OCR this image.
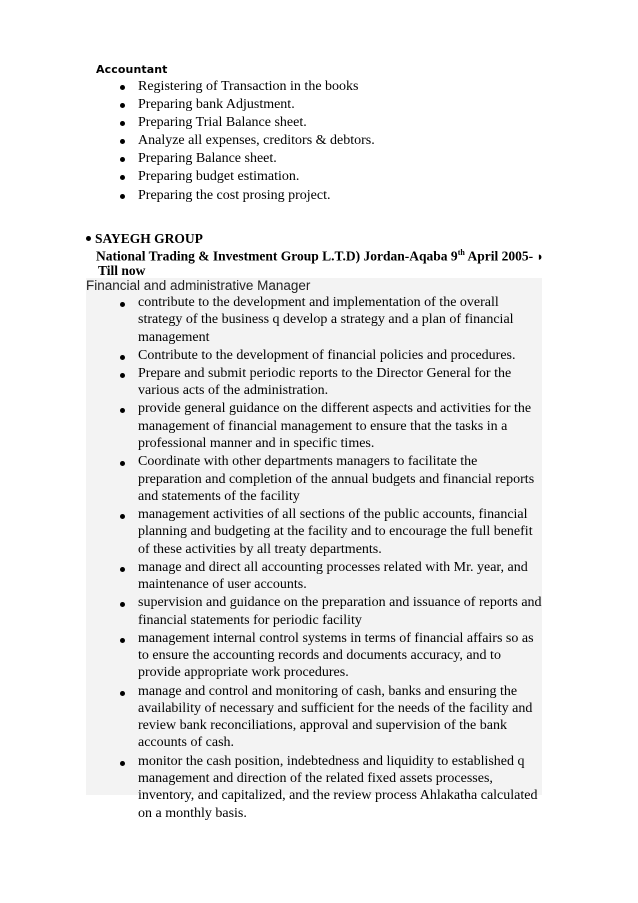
Accountant
Registering of Transaction in the books
Preparing bank Adjustment.
Preparing Trial Balance sheet.
Analyze all expenses, creditors & debtors.
Preparing Balance sheet.
Preparing budget estimation.
Preparing the cost prosing project.
SAYEGH GROUP
National Trading & Investment Group L.T.D) Jordan-Aqaba 9th April 2005- ◗
Till now
Financial and administrative Manager
contribute to the development and implementation of the overall strategy of the business q develop a strategy and a plan of financial management
Contribute to the development of financial policies and procedures.
Prepare and submit periodic reports to the Director General for the various acts of the administration.
provide general guidance on the different aspects and activities for the management of financial management to ensure that the tasks in a professional manner and in specific times.
Coordinate with other departments managers to facilitate the preparation and completion of the annual budgets and financial reports and statements of the facility
management activities of all sections of the public accounts, financial planning and budgeting at the facility and to encourage the full benefit of these activities by all treaty departments.
manage and direct all accounting processes related with Mr. year, and maintenance of user accounts.
supervision and guidance on the preparation and issuance of reports and financial statements for periodic facility
management internal control systems in terms of financial affairs so as to ensure the accounting records and documents accuracy, and to provide appropriate work procedures.
manage and control and monitoring of cash, banks and ensuring the availability of necessary and sufficient for the needs of the facility and review bank reconciliations, approval and supervision of the bank accounts of cash.
monitor the cash position, indebtedness and liquidity to established q management and direction of the related fixed assets processes, inventory, and capitalized, and the review process Ahlakatha calculated on a monthly basis.
